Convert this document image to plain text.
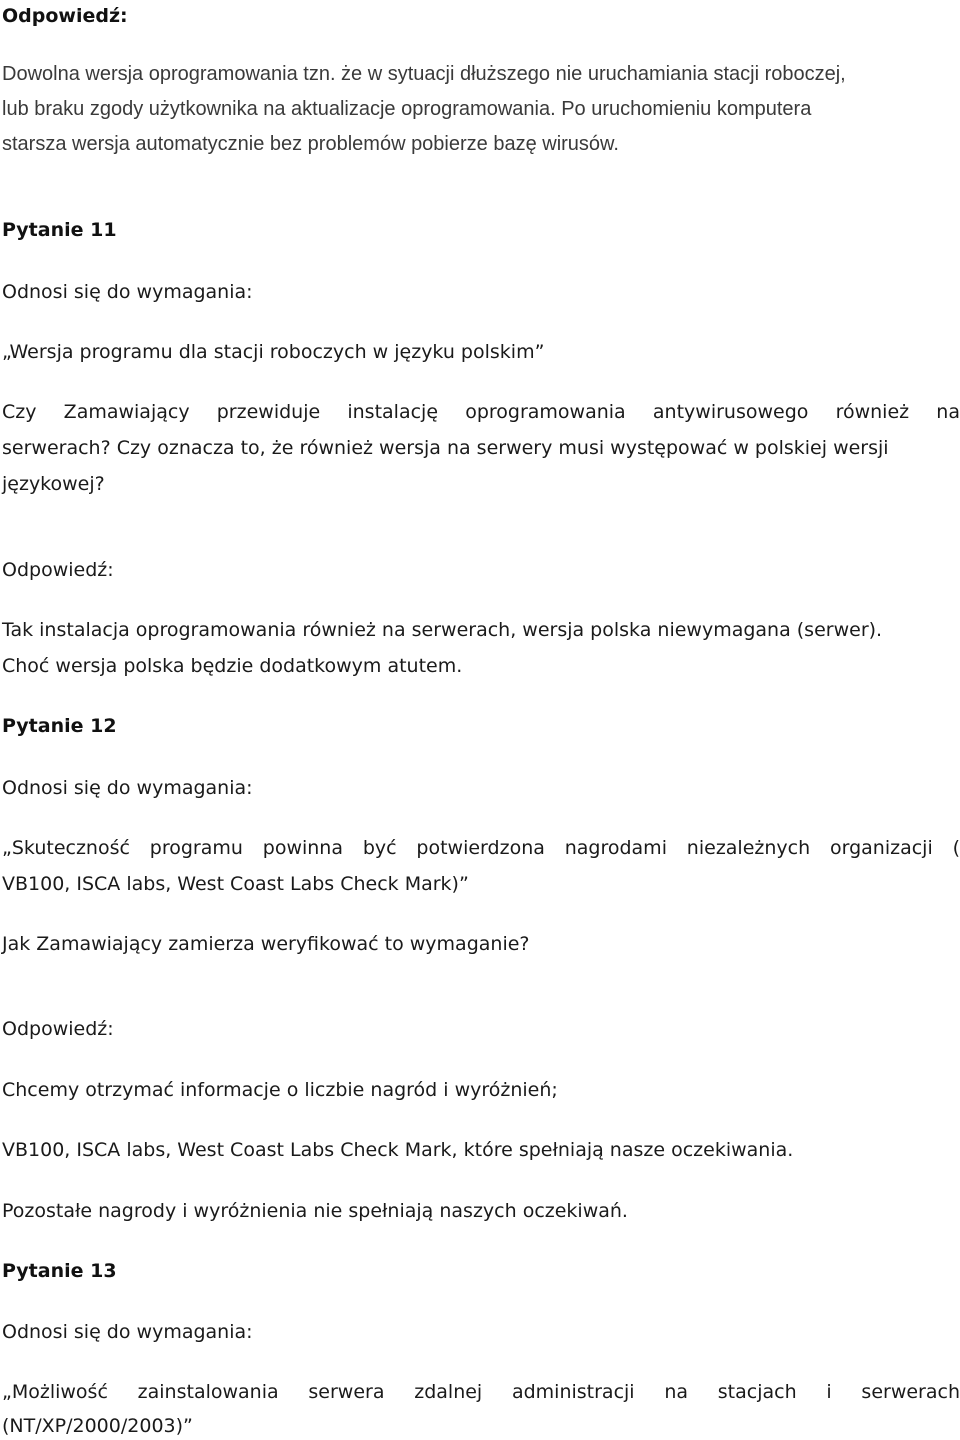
Odpowiedź:
Dowolna wersja oprogramowania tzn. że w sytuacji dłuższego nie uruchamiania stacji roboczej,
lub braku zgody użytkownika na aktualizacje oprogramowania. Po uruchomieniu komputera
starsza wersja automatycznie bez problemów pobierze bazę wirusów.
Pytanie 11
Odnosi się do wymagania:
„Wersja programu dla stacji roboczych w języku polskim”
Czy Zamawiający przewiduje instalację oprogramowania antywirusowego również na
serwerach? Czy oznacza to, że również wersja na serwery musi występować w polskiej wersji
językowej?
Odpowiedź:
Tak instalacja oprogramowania również na serwerach, wersja polska niewymagana (serwer).
Choć wersja polska będzie dodatkowym atutem.
Pytanie 12
Odnosi się do wymagania:
„Skuteczność programu powinna być potwierdzona nagrodami niezależnych organizacji (
VB100, ISCA labs, West Coast Labs Check Mark)”
Jak Zamawiający zamierza weryfikować to wymaganie?
Odpowiedź:
Chcemy otrzymać informacje o liczbie nagród i wyróżnień;
VB100, ISCA labs, West Coast Labs Check Mark, które spełniają nasze oczekiwania.
Pozostałe nagrody i wyróżnienia nie spełniają naszych oczekiwań.
Pytanie 13
Odnosi się do wymagania:
„Możliwość zainstalowania serwera zdalnej administracji na stacjach i serwerach
(NT/XP/2000/2003)”
